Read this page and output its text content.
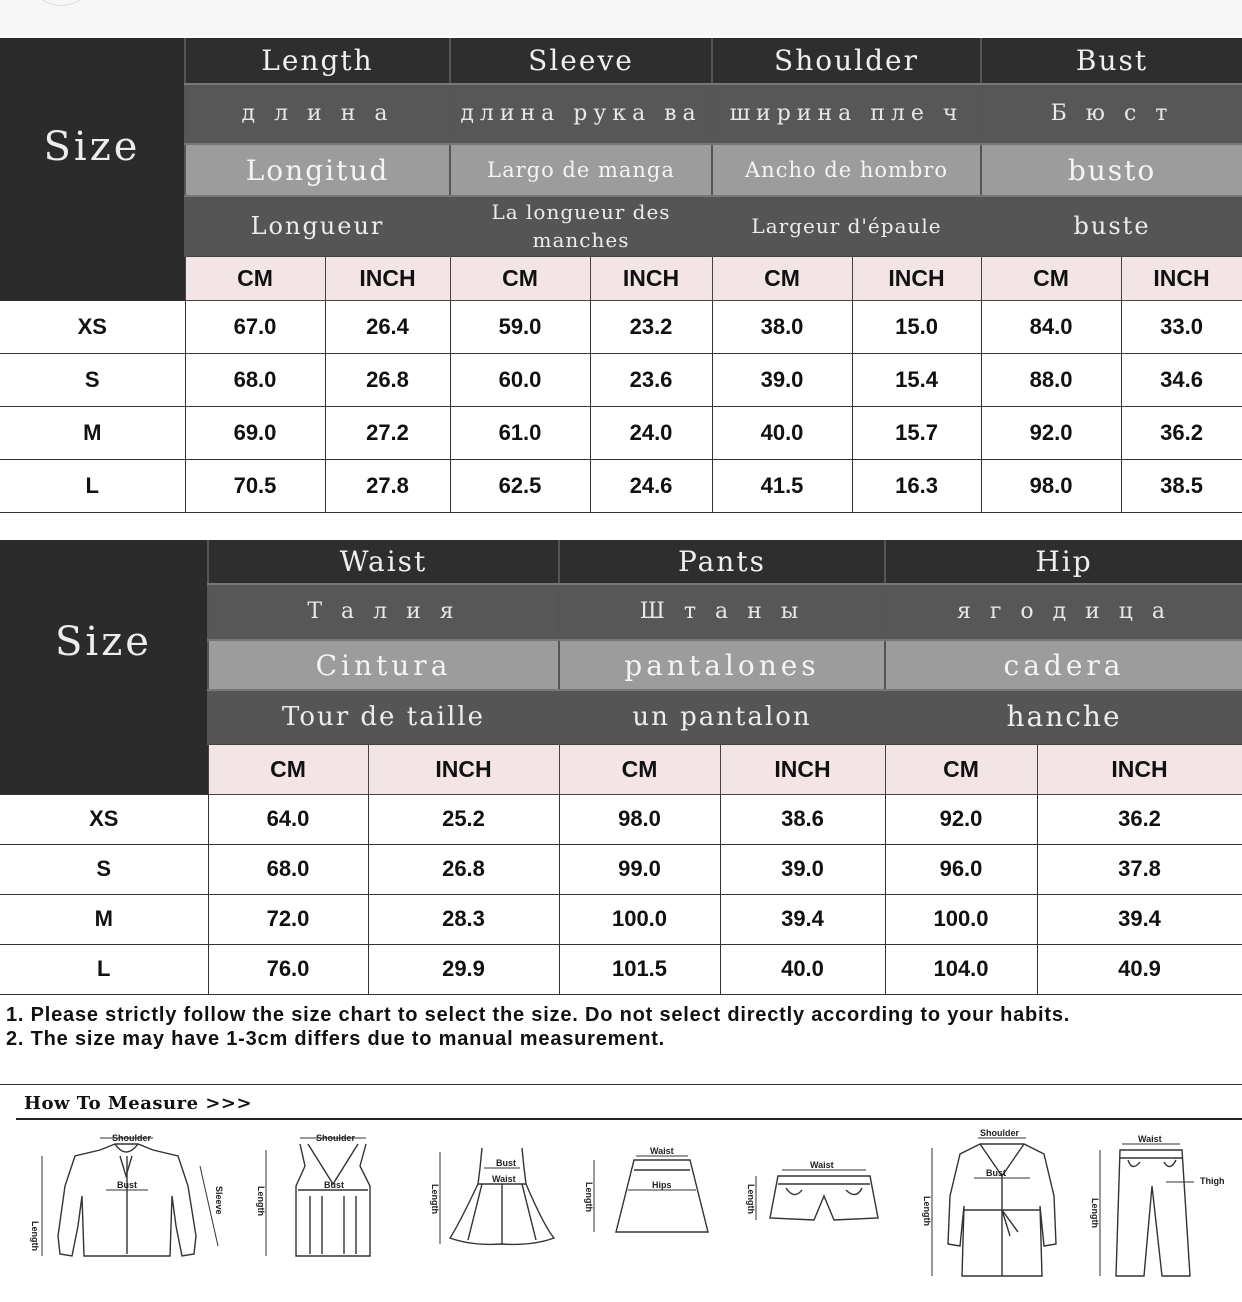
Size	Length		Sleeve		Shoulder		Bust	
	д л и н а		длина рука ва		ширина пле ч		Б ю с т	
	Longitud		Largo de manga		Ancho de hombro		busto	
	Longueur		La longueur des manches		Largeur d'épaule		buste	
	CM	INCH	CM	INCH	CM	INCH	CM	INCH
XS	67.0	26.4	59.0	23.2	38.0	15.0	84.0	33.0
S	68.0	26.8	60.0	23.6	39.0	15.4	88.0	34.6
M	69.0	27.2	61.0	24.0	40.0	15.7	92.0	36.2
L	70.5	27.8	62.5	24.6	41.5	16.3	98.0	38.5
Size	Waist		Pants		Hip	
	Т а л и я		Ш т а н ы		я г о д и ц а	
	Cintura		pantalones		cadera	
	Tour de taille		un pantalon		hanche	
	CM	INCH	CM	INCH	CM	INCH
XS	64.0	25.2	98.0	38.6	92.0	36.2
S	68.0	26.8	99.0	39.0	96.0	37.8
M	72.0	28.3	100.0	39.4	100.0	39.4
L	76.0	29.9	101.5	40.0	104.0	40.9

1. Please strictly follow the size chart to select the size. Do not select directly according to your habits.

2. The size may have 1-3cm differs due to manual measurement.

How To Measure >>>
Shoulder
Bust
Length
Sleeve
Shoulder
Bust
Length
Bust
Waist
Length
Waist
Hips
Length
Waist
Length
Shoulder
Bust
Length
Waist
Thigh
Length
